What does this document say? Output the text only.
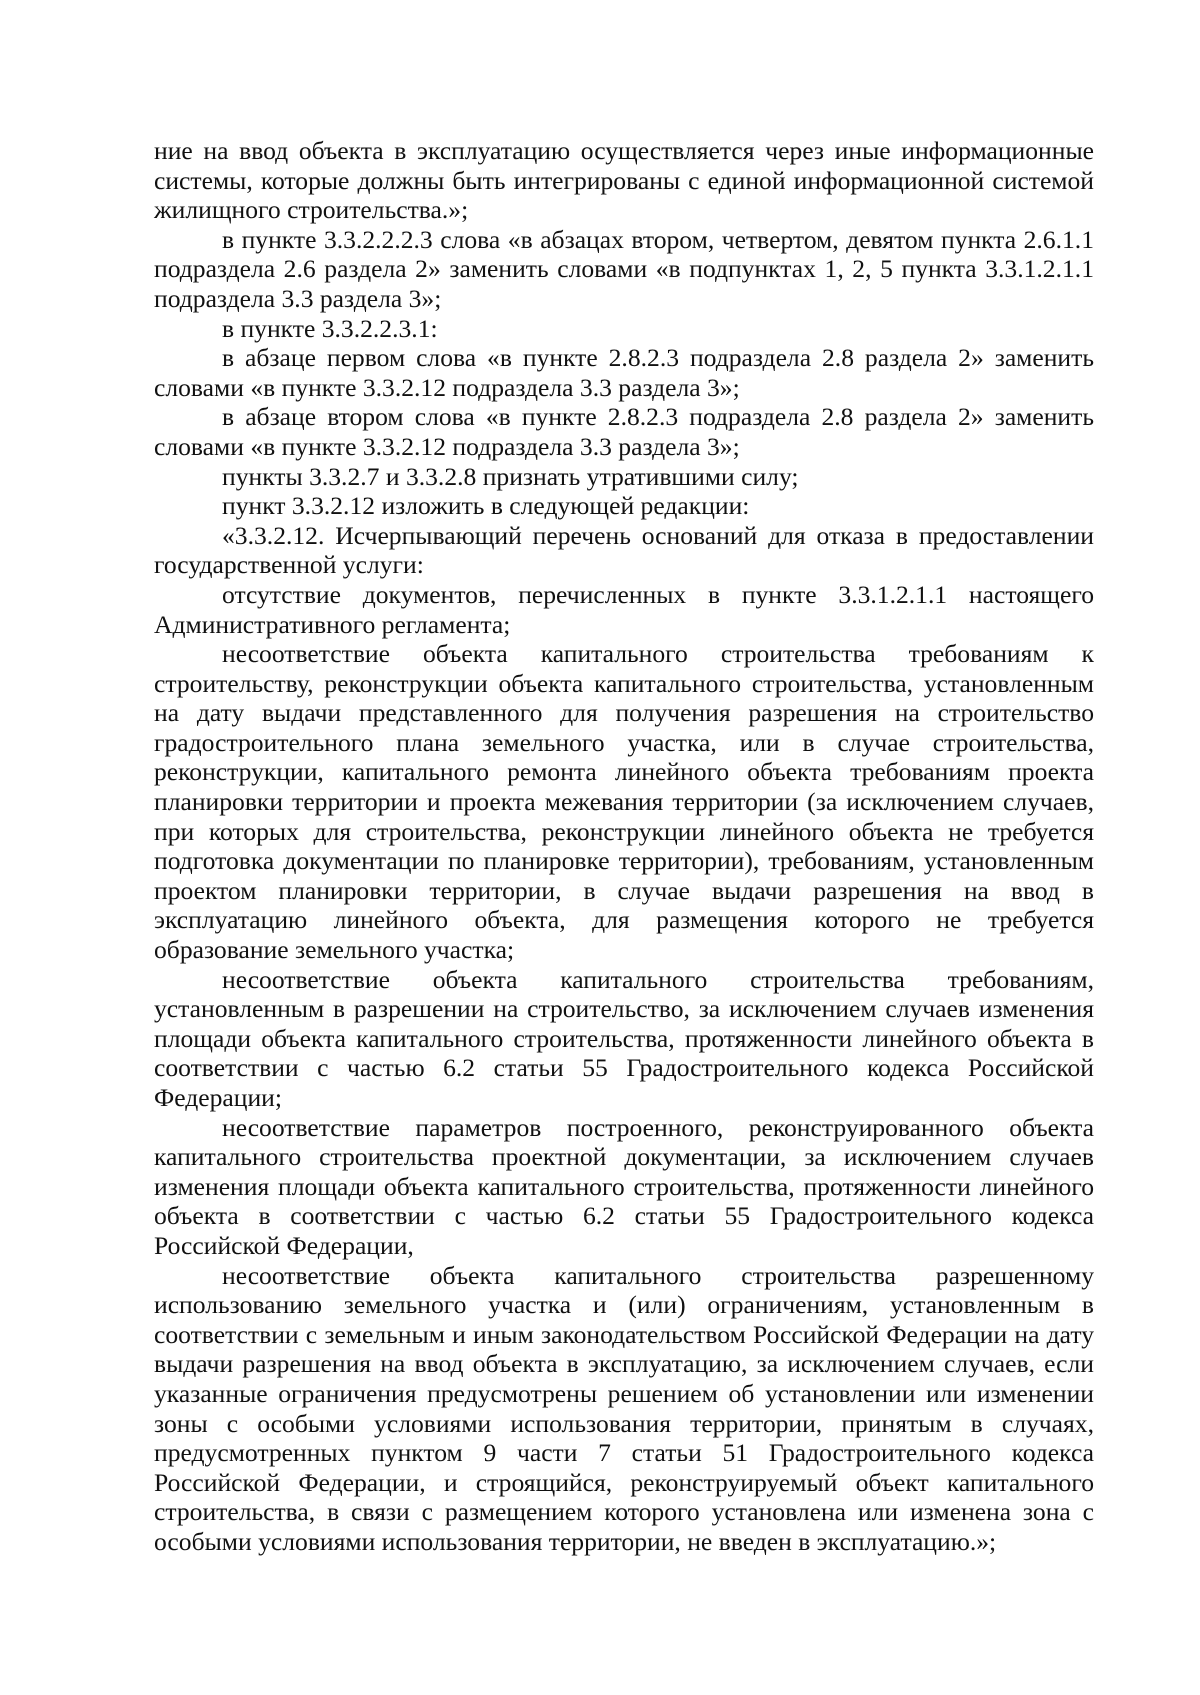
ние на ввод объекта в эксплуатацию осуществляется через иные информационные системы, которые должны быть интегрированы с единой информационной системой жилищного строительства.»;

в пункте 3.3.2.2.2.3 слова «в абзацах втором, четвертом, девятом пункта 2.6.1.1 подраздела 2.6 раздела 2» заменить словами «в подпунктах 1, 2, 5 пункта 3.3.1.2.1.1 подраздела 3.3 раздела 3»;

в пункте 3.3.2.2.3.1:

в абзаце первом слова «в пункте 2.8.2.3 подраздела 2.8 раздела 2» заменить словами «в пункте 3.3.2.12 подраздела 3.3 раздела 3»;

в абзаце втором слова «в пункте 2.8.2.3 подраздела 2.8 раздела 2» заменить словами «в пункте 3.3.2.12 подраздела 3.3 раздела 3»;

пункты 3.3.2.7 и 3.3.2.8 признать утратившими силу;

пункт 3.3.2.12 изложить в следующей редакции:

«3.3.2.12. Исчерпывающий перечень оснований для отказа в предоставлении государственной услуги:

отсутствие документов, перечисленных в пункте 3.3.1.2.1.1 настоящего Административного регламента;

несоответствие объекта капитального строительства требованиям к строительству, реконструкции объекта капитального строительства, установленным на дату выдачи представленного для получения разрешения на строительство градостроительного плана земельного участка, или в случае строительства, реконструкции, капитального ремонта линейного объекта требованиям проекта планировки территории и проекта межевания территории (за исключением случаев, при которых для строительства, реконструкции линейного объекта не требуется подготовка документации по планировке территории), требованиям, установленным проектом планировки территории, в случае выдачи разрешения на ввод в эксплуатацию линейного объекта, для размещения которого не требуется образование земельного участка;

несоответствие объекта капитального строительства требованиям, установленным в разрешении на строительство, за исключением случаев изменения площади объекта капитального строительства, протяженности линейного объекта в соответствии с частью 6.2 статьи 55 Градостроительного кодекса Российской Федерации;

несоответствие параметров построенного, реконструированного объекта капитального строительства проектной документации, за исключением случаев изменения площади объекта капитального строительства, протяженности линейного объекта в соответствии с частью 6.2 статьи 55 Градостроительного кодекса Российской Федерации,

несоответствие объекта капитального строительства разрешенному использованию земельного участка и (или) ограничениям, установленным в соответствии с земельным и иным законодательством Российской Федерации на дату выдачи разрешения на ввод объекта в эксплуатацию, за исключением случаев, если указанные ограничения предусмотрены решением об установлении или изменении зоны с особыми условиями использования территории, принятым в случаях, предусмотренных пунктом 9 части 7 статьи 51 Градостроительного кодекса Российской Федерации, и строящийся, реконструируемый объект капитального строительства, в связи с размещением которого установлена или изменена зона с особыми условиями использования территории, не введен в эксплуатацию.»;
